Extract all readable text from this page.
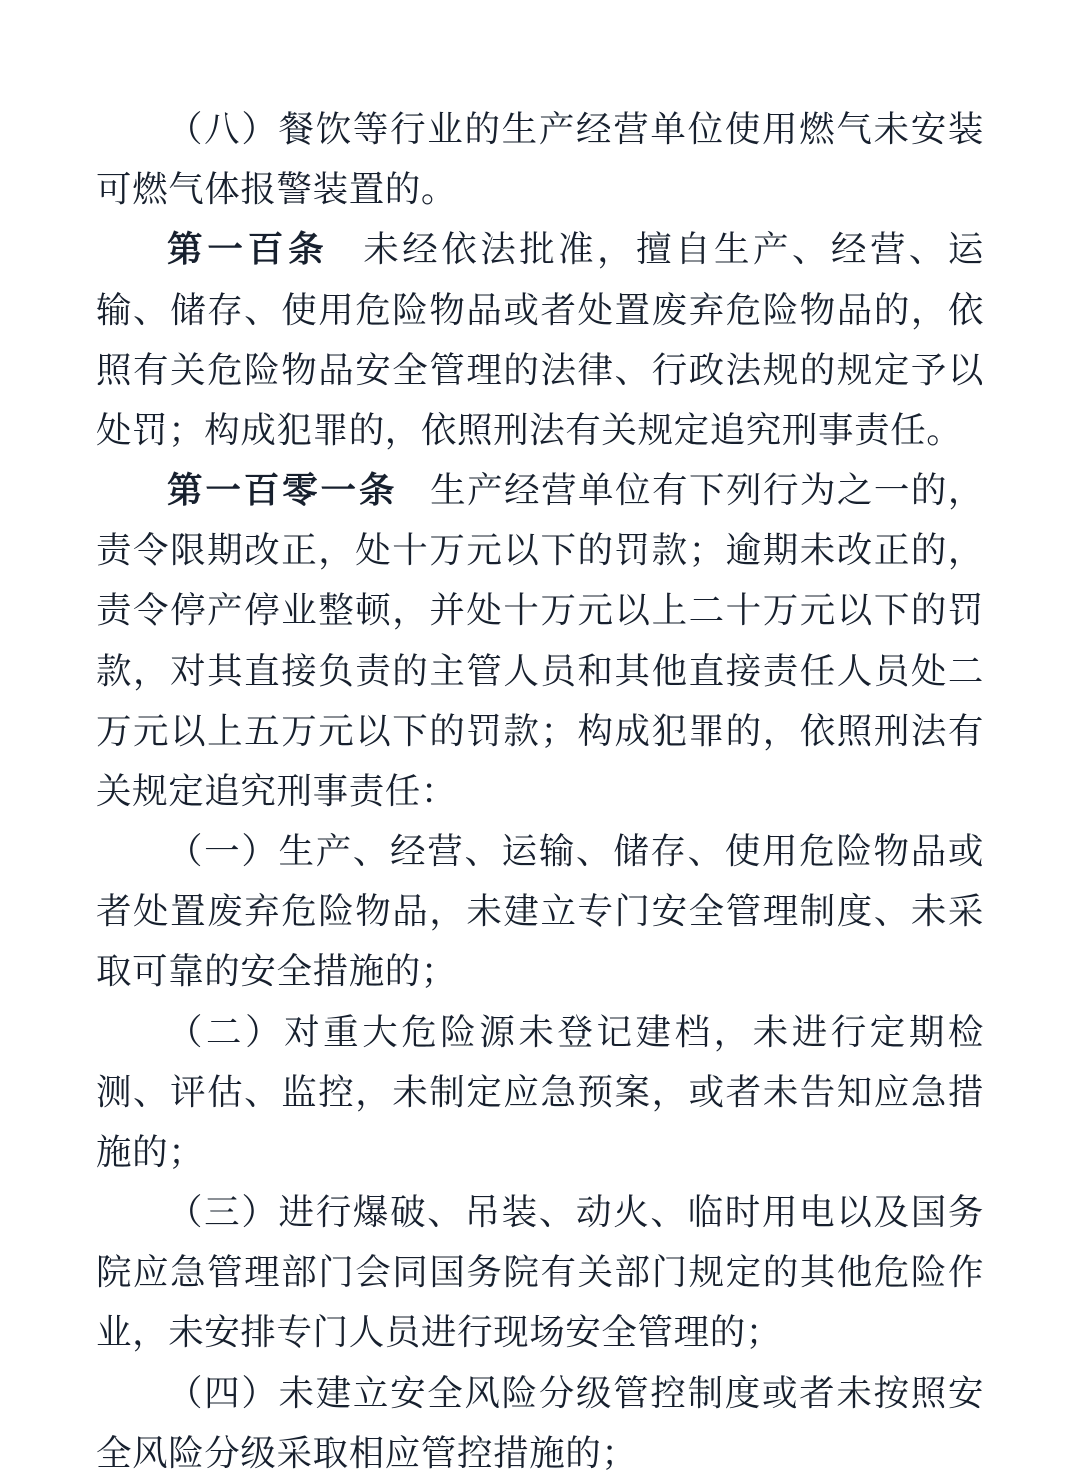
（八）餐饮等行业的生产经营单位使用燃气未安装可燃气体报警装置的。

第一百条 未经依法批准，擅自生产、经营、运输、储存、使用危险物品或者处置废弃危险物品的，依照有关危险物品安全管理的法律、行政法规的规定予以处罚；构成犯罪的，依照刑法有关规定追究刑事责任。

第一百零一条 生产经营单位有下列行为之一的，责令限期改正，处十万元以下的罚款；逾期未改正的，责令停产停业整顿，并处十万元以上二十万元以下的罚款，对其直接负责的主管人员和其他直接责任人员处二万元以上五万元以下的罚款；构成犯罪的，依照刑法有关规定追究刑事责任：

（一）生产、经营、运输、储存、使用危险物品或者处置废弃危险物品，未建立专门安全管理制度、未采取可靠的安全措施的；

（二）对重大危险源未登记建档，未进行定期检测、评估、监控，未制定应急预案，或者未告知应急措施的；

（三）进行爆破、吊装、动火、临时用电以及国务院应急管理部门会同国务院有关部门规定的其他危险作业，未安排专门人员进行现场安全管理的；

（四）未建立安全风险分级管控制度或者未按照安全风险分级采取相应管控措施的；
